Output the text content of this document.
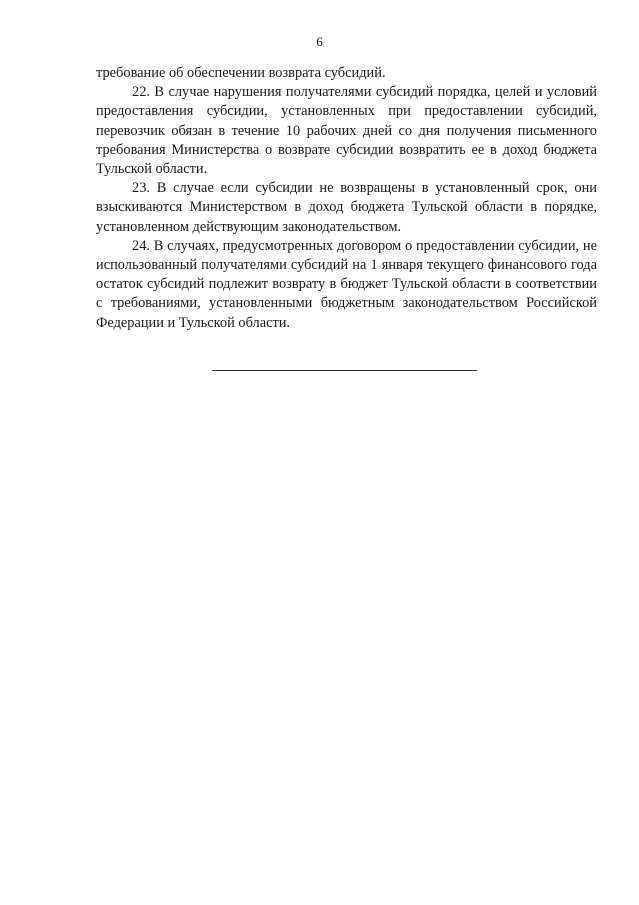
6

требование об обеспечении возврата субсидий.

22. В случае нарушения получателями субсидий порядка, целей и условий предоставления субсидии, установленных при предоставлении субсидий, перевозчик обязан в течение 10 рабочих дней со дня получения письменного требования Министерства о возврате субсидии возвратить ее в доход бюджета Тульской области.

23. В случае если субсидии не возвращены в установленный срок, они взыскиваются Министерством в доход бюджета Тульской области в порядке, установленном действующим законодательством.

24. В случаях, предусмотренных договором о предоставлении субсидии, не использованный получателями субсидий на 1 января текущего финансового года остаток субсидий подлежит возврату в бюджет Тульской области в соответствии с требованиями, установленными бюджетным законодательством Российской Федерации и Тульской области.
